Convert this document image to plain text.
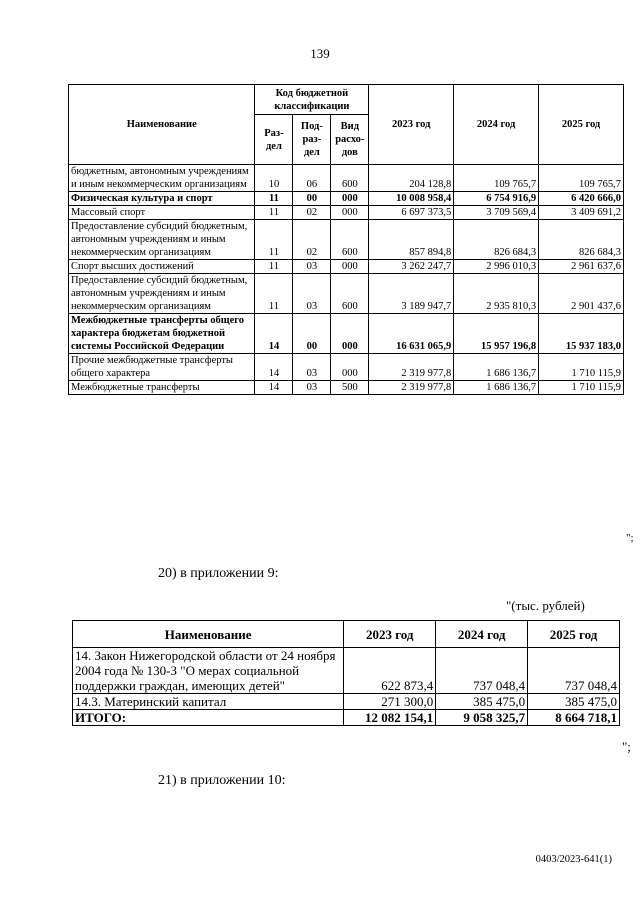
139
Наименование	Код бюджетной классификации			2023 год	2024 год	2025 год
	Раз-дел	Под-раз-дел	Вид расхо-дов			
бюджетным, автономным учреждениям и иным некоммерческим организациям	10	06	600	204 128,8	109 765,7	109 765,7
Физическая культура и спорт	11	00	000	10 008 958,4	6 754 916,9	6 420 666,0
Массовый спорт	11	02	000	6 697 373,5	3 709 569,4	3 409 691,2
Предоставление субсидий бюджетным, автономным учреждениям и иным некоммерческим организациям	11	02	600	857 894,8	826 684,3	826 684,3
Спорт высших достижений	11	03	000	3 262 247,7	2 996 010,3	2 961 637,6
Предоставление субсидий бюджетным, автономным учреждениям и иным некоммерческим организациям	11	03	600	3 189 947,7	2 935 810,3	2 901 437,6
Межбюджетные трансферты общего характера бюджетам бюджетной системы Российской Федерации	14	00	000	16 631 065,9	15 957 196,8	15 937 183,0
Прочие межбюджетные трансферты общего характера	14	03	000	2 319 977,8	1 686 136,7	1 710 115,9
Межбюджетные трансферты	14	03	500	2 319 977,8	1 686 136,7	1 710 115,9
";
20) в приложении 9:
"(тыс. рублей)
Наименование	2023 год	2024 год	2025 год
14. Закон Нижегородской области от 24 ноября 2004 года № 130-З "О мерах социальной поддержки граждан, имеющих детей"	622 873,4	737 048,4	737 048,4
14.3. Материнский капитал	271 300,0	385 475,0	385 475,0
ИТОГО:	12 082 154,1	9 058 325,7	8 664 718,1
";
21) в приложении 10:
0403/2023-641(1)
